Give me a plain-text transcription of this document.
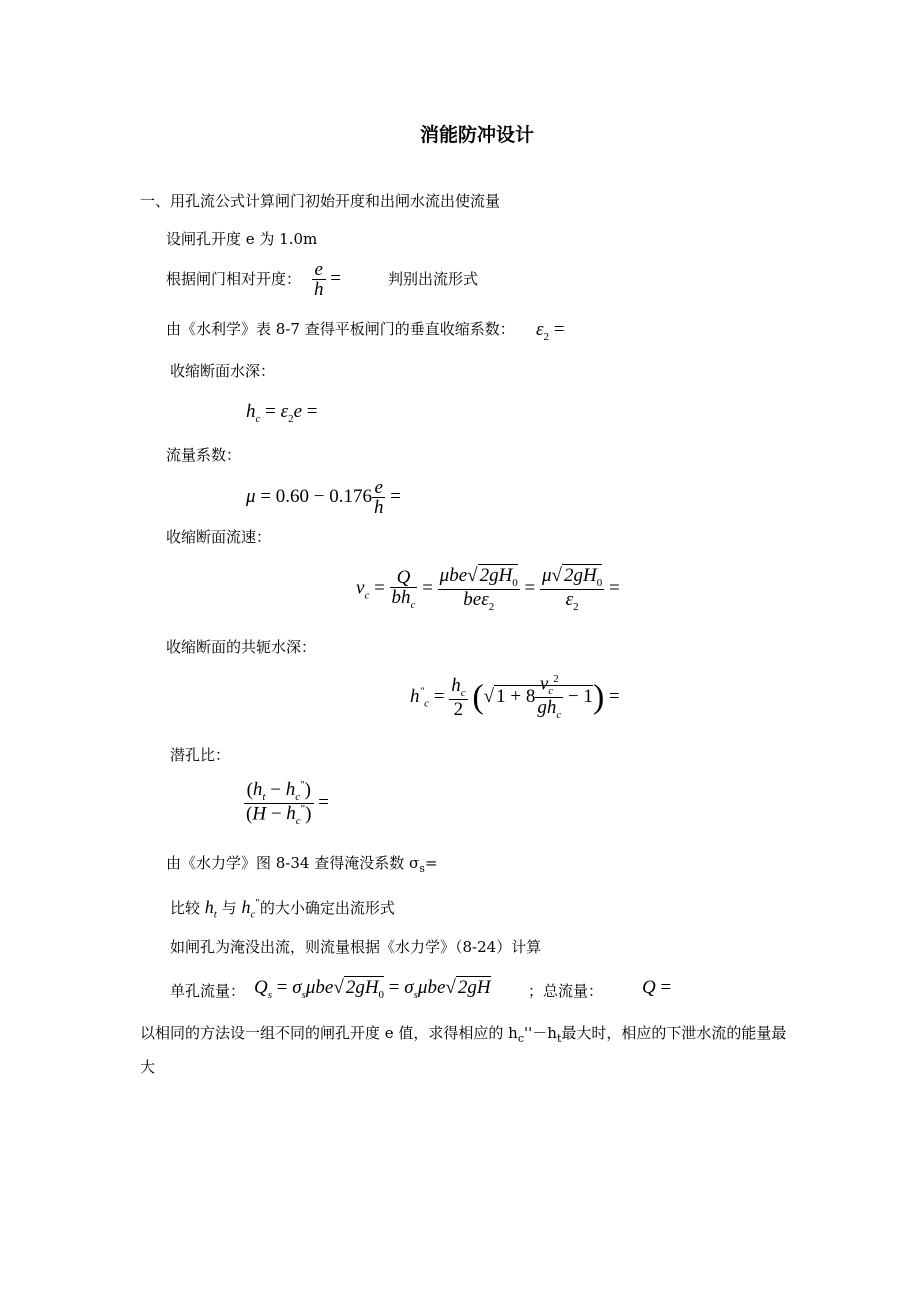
消能防冲设计
一、用孔流公式计算闸门初始开度和出闸水流出使流量
设闸孔开度 e 为 1.0m
根据闸门相对开度： $\frac{e}{h}$ =	判别出流形式
由《水利学》表 8-7 查得平板闸门的垂直收缩系数： $\varepsilon_2$ =
收缩断面水深：
$h_c = \varepsilon_2e$ =
流量系数：
$\mu = 0.60 - 0.176 \frac{e}{h}$ =
收缩断面流速：
$v_c = \frac{Q}{bh_c} = \frac{\mu be√ 2gH_0}{be\varepsilon_2} = \frac{\mu√ 2gH_0}{\varepsilon_2}$ =
收缩断面的共轭水深：
$h''_c = \frac{h_c}{2}$ (√ $1 + 8 \frac{v_c^2}{gh_c} - 1$) =
潜孔比：
$\frac{(h_t - h_c^")}{(H - h_c^")}$ =
由《水力学》图 8-34 查得淹没系数 $\sigma_s=$
比较 $h_t$ 与 $h_c^"$的大小确定出流形式
如闸孔为淹没出流，则流量根据《水力学》（8-24）计算
单孔流量： $Q_s = \sigma_s\mu be√$ $2gH_0 = \sigma_s\mu be√$ 2gH ；总流量： Q =
以相同的方法设一组不同的闸孔开度 e 值，求得相应的 $h_c''-h_t$最大时，相应的下泄水流的能量最
大
